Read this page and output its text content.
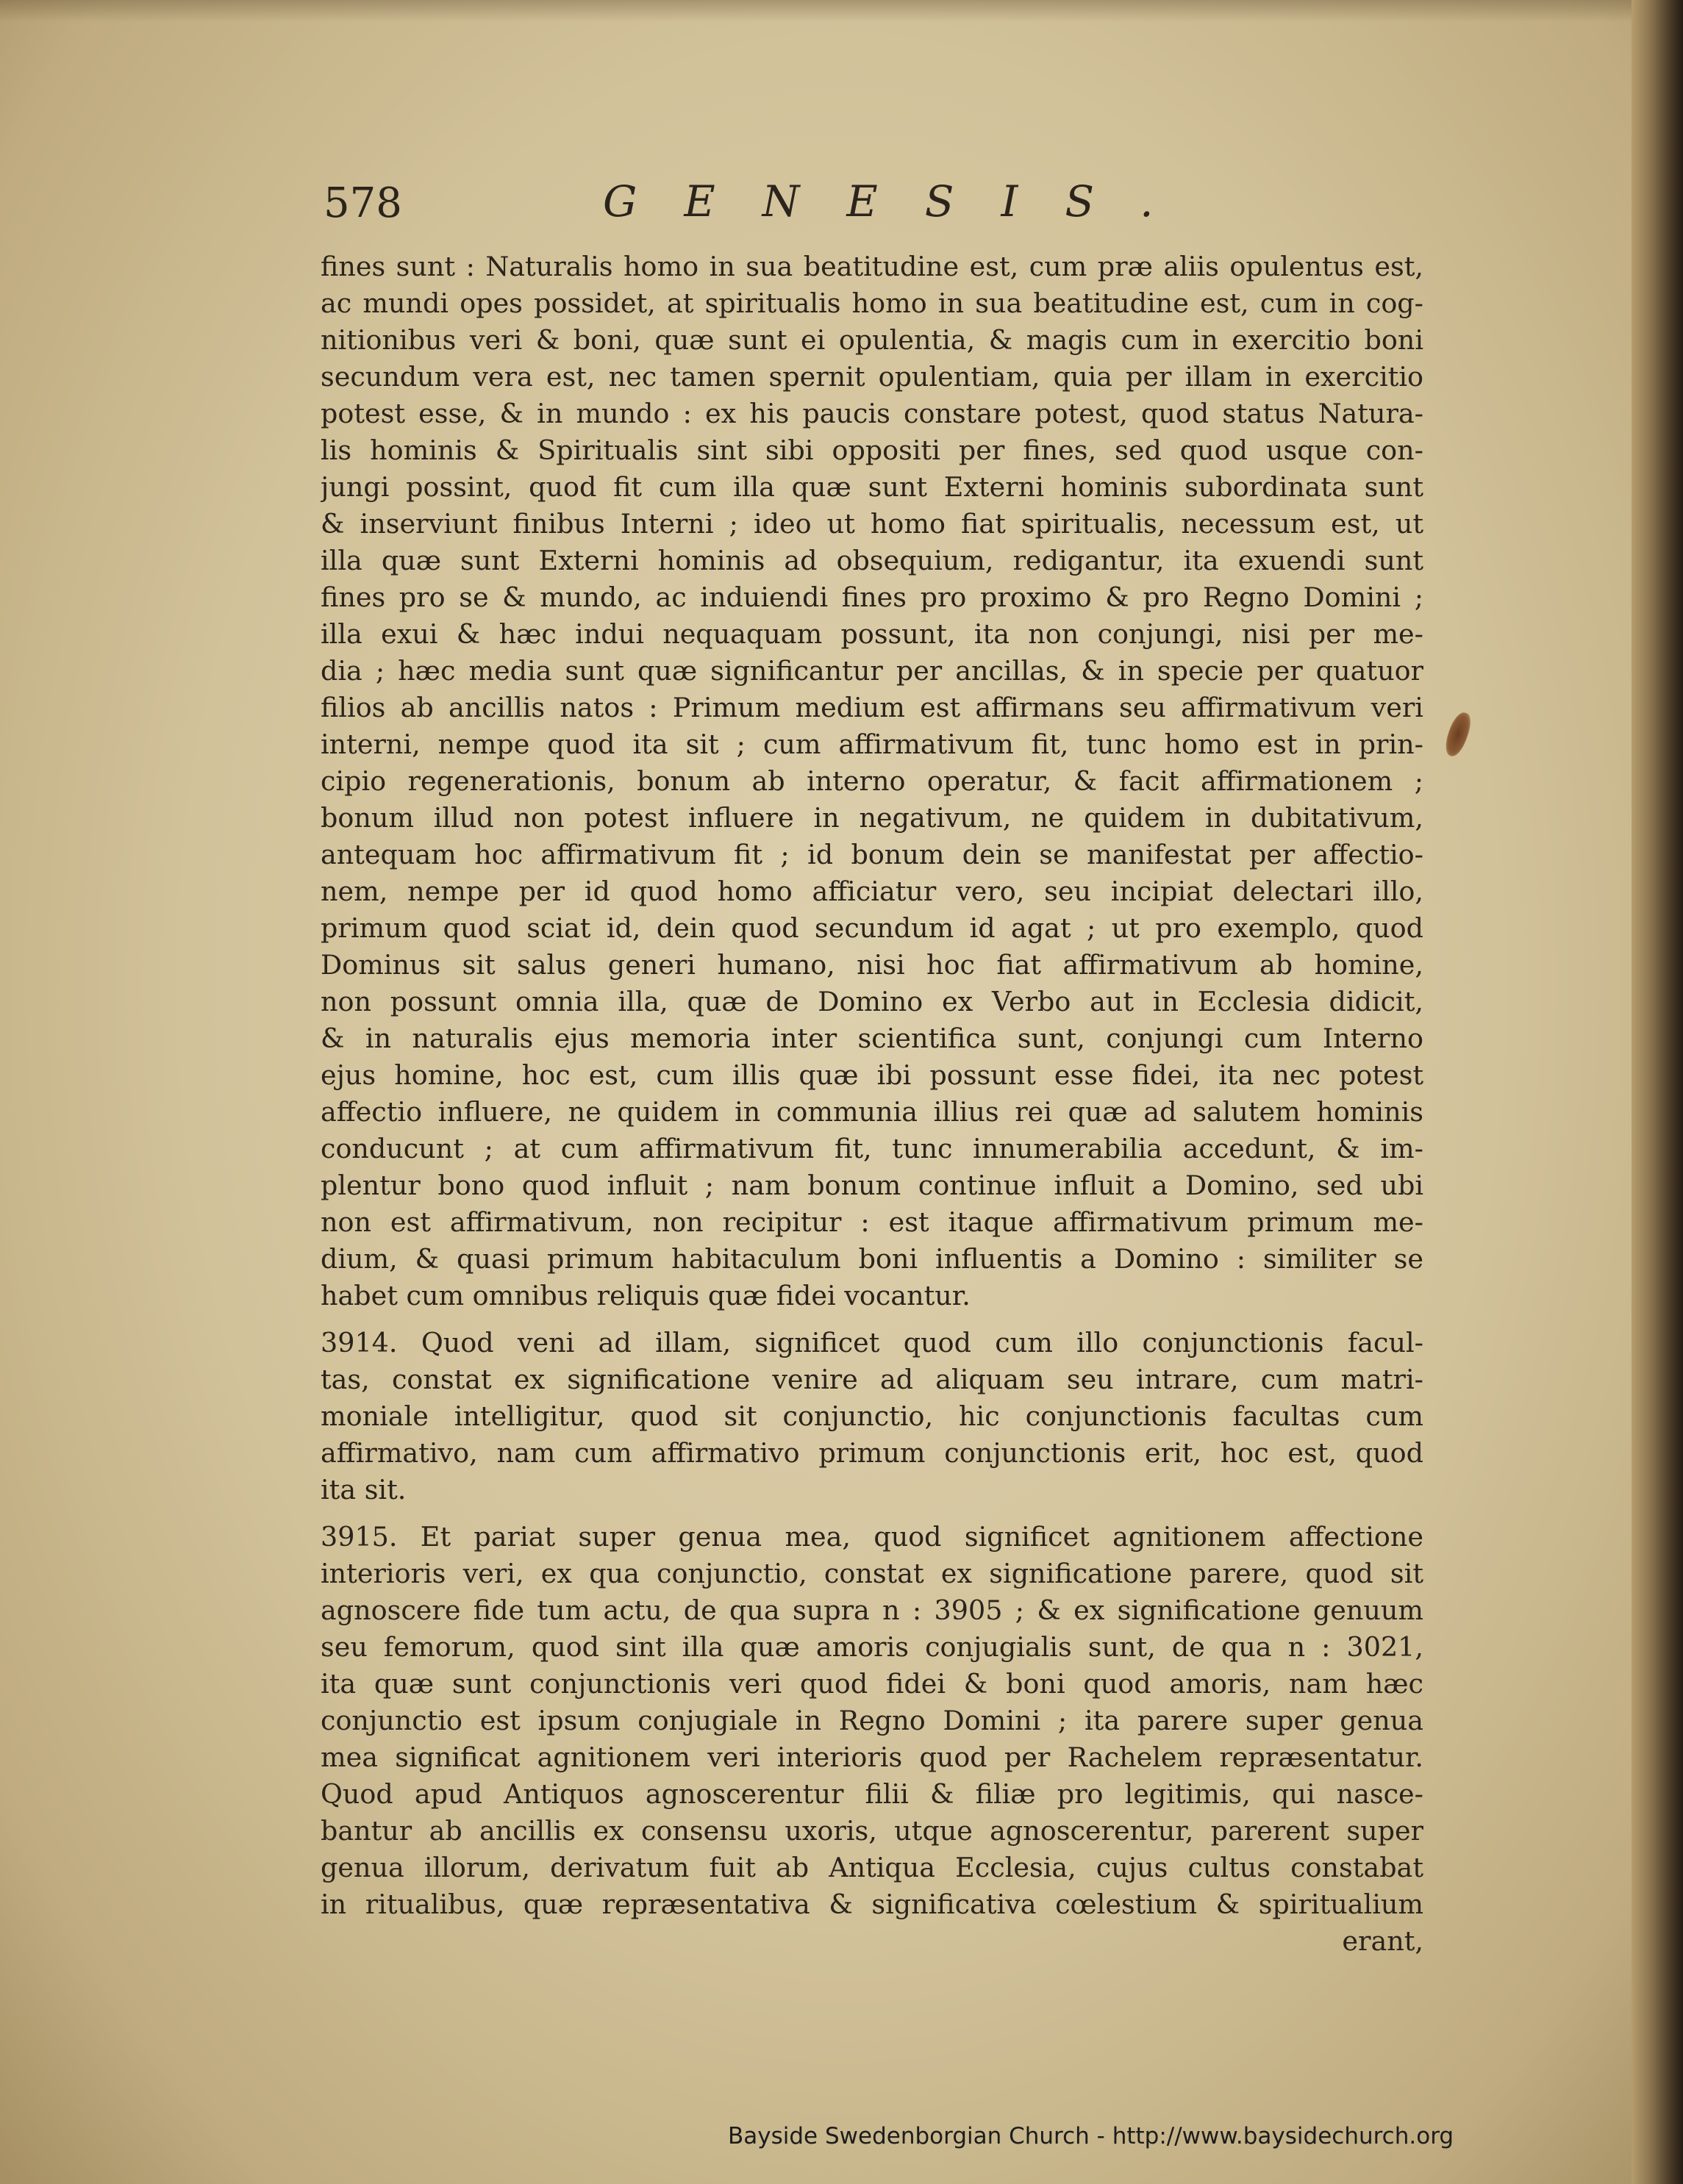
578	GENESIS.
fines sunt : Naturalis homo in sua beatitudine est, cum præ aliis opulentus est,
ac mundi opes possidet, at spiritualis homo in sua beatitudine est, cum in cog-
nitionibus veri & boni, quæ sunt ei opulentia, & magis cum in exercitio boni
secundum vera est, nec tamen spernit opulentiam, quia per illam in exercitio
potest esse, & in mundo : ex his paucis constare potest, quod status Natura-
lis hominis & Spiritualis sint sibi oppositi per fines, sed quod usque con-
jungi possint, quod fit cum illa quæ sunt Externi hominis subordinata sunt
& inserviunt finibus Interni ; ideo ut homo fiat spiritualis, necessum est, ut
illa quæ sunt Externi hominis ad obsequium, redigantur, ita exuendi sunt
fines pro se & mundo, ac induiendi fines pro proximo & pro Regno Domini ;
illa exui & hæc indui nequaquam possunt, ita non conjungi, nisi per me-
dia ; hæc media sunt quæ significantur per ancillas, & in specie per quatuor
filios ab ancillis natos : Primum medium est affirmans seu affirmativum veri
interni, nempe quod ita sit ; cum affirmativum fit, tunc homo est in prin-
cipio regenerationis, bonum ab interno operatur, & facit affirmationem ;
bonum illud non potest influere in negativum, ne quidem in dubitativum,
antequam hoc affirmativum fit ; id bonum dein se manifestat per affectio-
nem, nempe per id quod homo afficiatur vero, seu incipiat delectari illo,
primum quod sciat id, dein quod secundum id agat ; ut pro exemplo, quod
Dominus sit salus generi humano, nisi hoc fiat affirmativum ab homine,
non possunt omnia illa, quæ de Domino ex Verbo aut in Ecclesia didicit,
& in naturalis ejus memoria inter scientifica sunt, conjungi cum Interno
ejus homine, hoc est, cum illis quæ ibi possunt esse fidei, ita nec potest
affectio influere, ne quidem in communia illius rei quæ ad salutem hominis
conducunt ; at cum affirmativum fit, tunc innumerabilia accedunt, & im-
plentur bono quod influit ; nam bonum continue influit a Domino, sed ubi
non est affirmativum, non recipitur : est itaque affirmativum primum me-
dium, & quasi primum habitaculum boni influentis a Domino : similiter se
habet cum omnibus reliquis quæ fidei vocantur.
3914. Quod veni ad illam, significet quod cum illo conjunctionis facul-
tas, constat ex significatione venire ad aliquam seu intrare, cum matri-
moniale intelligitur, quod sit conjunctio, hic conjunctionis facultas cum
affirmativo, nam cum affirmativo primum conjunctionis erit, hoc est, quod
ita sit.
3915. Et pariat super genua mea, quod significet agnitionem affectione
interioris veri, ex qua conjunctio, constat ex significatione parere, quod sit
agnoscere fide tum actu, de qua supra n : 3905 ; & ex significatione genuum
seu femorum, quod sint illa quæ amoris conjugialis sunt, de qua n : 3021,
ita quæ sunt conjunctionis veri quod fidei & boni quod amoris, nam hæc
conjunctio est ipsum conjugiale in Regno Domini ; ita parere super genua
mea significat agnitionem veri interioris quod per Rachelem repræsentatur.
Quod apud Antiquos agnoscerentur filii & filiæ pro legitimis, qui nasce-
bantur ab ancillis ex consensu uxoris, utque agnoscerentur, parerent super
genua illorum, derivatum fuit ab Antiqua Ecclesia, cujus cultus constabat
in ritualibus, quæ repræsentativa & significativa cœlestium & spiritualium
erant,
Bayside Swedenborgian Church - http://www.baysidechurch.org
